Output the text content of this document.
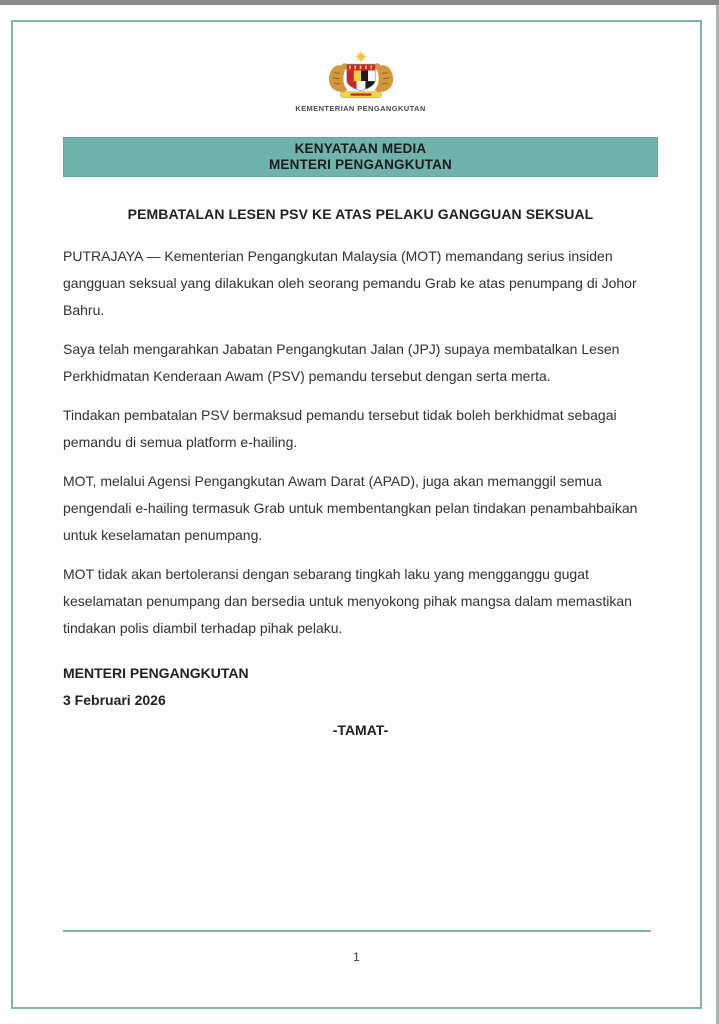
KEMENTERIAN PENGANGKUTAN
KENYATAAN MEDIA
MENTERI PENGANGKUTAN
PEMBATALAN LESEN PSV KE ATAS PELAKU GANGGUAN SEKSUAL

PUTRAJAYA — Kementerian Pengangkutan Malaysia (MOT) memandang serius insiden gangguan seksual yang dilakukan oleh seorang pemandu Grab ke atas penumpang di Johor Bahru.

Saya telah mengarahkan Jabatan Pengangkutan Jalan (JPJ) supaya membatalkan Lesen Perkhidmatan Kenderaan Awam (PSV) pemandu tersebut dengan serta merta.

Tindakan pembatalan PSV bermaksud pemandu tersebut tidak boleh berkhidmat sebagai pemandu di semua platform e-hailing.

MOT, melalui Agensi Pengangkutan Awam Darat (APAD), juga akan memanggil semua pengendali e-hailing termasuk Grab untuk membentangkan pelan tindakan penambahbaikan untuk keselamatan penumpang.

MOT tidak akan bertoleransi dengan sebarang tingkah laku yang mengganggu gugat keselamatan penumpang dan bersedia untuk menyokong pihak mangsa dalam memastikan tindakan polis diambil terhadap pihak pelaku.

MENTERI PENGANGKUTAN
3 Februari 2026
-TAMAT-
1
